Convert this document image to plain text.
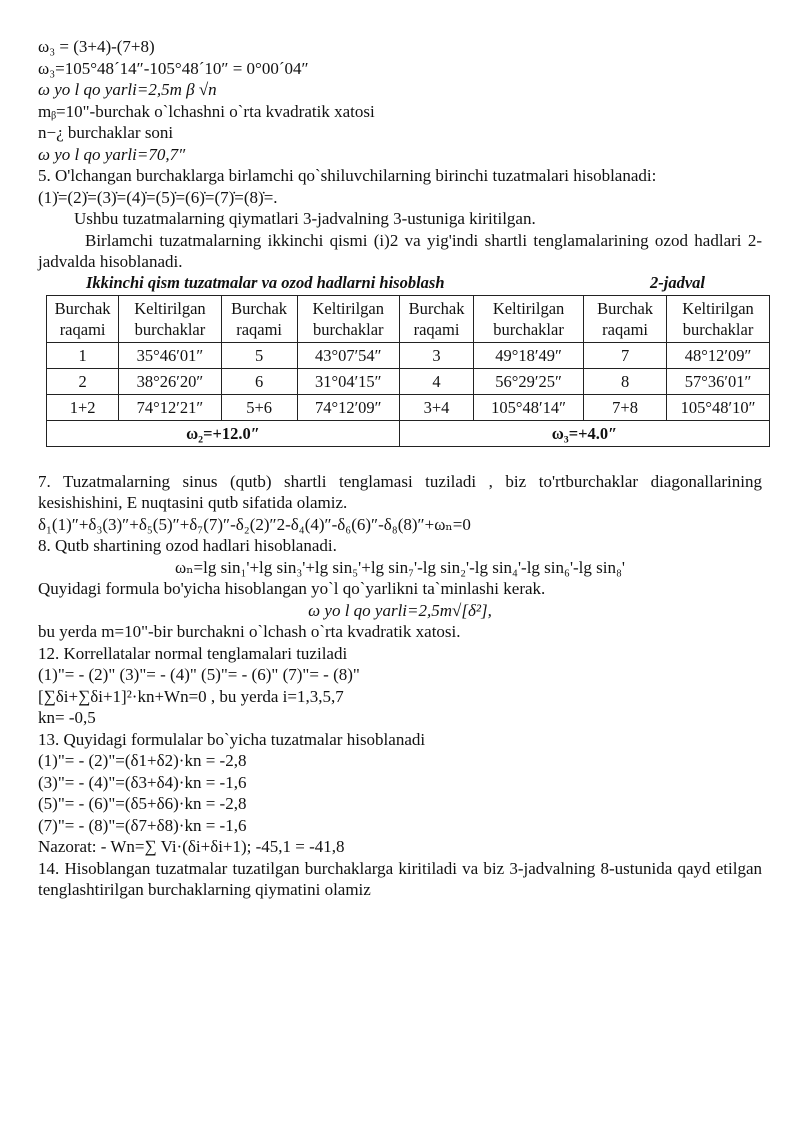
ω₃ = (3+4)-(7+8)

ω₃=105°48´14″-105°48´10″ = 0°00´04″

ω yo l qo yarli=2,5m β √n

mᵦ=10"-burchak o`lchashni o`rta kvadratik xatosi

n−¿ burchaklar soni

ω yo l qo yarli=70,7″

5. O'lchangan burchaklarga birlamchi qo`shiluvchilarning birinchi tuzatmalari hisoblanadi:

(1)̇=(2)̇=(3)̇=(4)̇=(5)̇=(6)̇=(7)̇=(8)̇=.

Ushbu tuzatmalarning qiymatlari 3-jadvalning 3-ustuniga kiritilgan.

Birlamchi tuzatmalarning ikkinchi qismi (i)2 va yig'indi shartli tenglamalarining ozod hadlari 2-jadvalda hisoblanadi.

Ikkinchi qism tuzatmalar va ozod hadlarni hisoblash	2-jadval
Burchak raqami	Keltirilgan burchaklar	Burchak raqami	Keltirilgan burchaklar	Burchak raqami	Keltirilgan burchaklar	Burchak raqami	Keltirilgan burchaklar
1	35°46′01″	5	43°07′54″	3	49°18′49″	7	48°12′09″
2	38°26′20″	6	31°04′15″	4	56°29′25″	8	57°36′01″
1+2	74°12′21″	5+6	74°12′09″	3+4	105°48′14″	7+8	105°48′10″
ω₂=+12.0″				ω₃=+4.0″			

7. Tuzatmalarning sinus (qutb) shartli tenglamasi tuziladi , biz to'rtburchaklar diagonallarining kesishishini, E nuqtasini qutb sifatida olamiz.

δ₁(1)″+δ₃(3)″+δ₅(5)″+δ₇(7)″-δ₂(2)″2-δ₄(4)″-δ₆(6)″-δ₈(8)″+ωₙ=0

8. Qutb shartining ozod hadlari hisoblanadi.

ωₙ=lg sin₁'+lg sin₃'+lg sin₅'+lg sin₇'-lg sin₂'-lg sin₄'-lg sin₆'-lg sin₈'

Quyidagi formula bo'yicha hisoblangan yo`l qo`yarlikni ta`minlashi kerak.

ω yo l qo yarli=2,5m√[δ²],

bu yerda m=10"-bir burchakni o`lchash o`rta kvadratik xatosi.

12. Korrellatalar normal tenglamalari tuziladi

(1)"= - (2)" (3)"= - (4)" (5)"= - (6)" (7)"= - (8)"

[∑δi+∑δi+1]²·kn+Wn=0 , bu yerda i=1,3,5,7

kn= -0,5

13. Quyidagi formulalar bo`yicha tuzatmalar hisoblanadi

(1)"= - (2)"=(δ1+δ2)·kn = -2,8

(3)"= - (4)"=(δ3+δ4)·kn = -1,6

(5)"= - (6)"=(δ5+δ6)·kn = -2,8

(7)"= - (8)"=(δ7+δ8)·kn = -1,6

Nazorat: - Wn=∑ Vi·(δi+δi+1); -45,1 = -41,8

14. Hisoblangan tuzatmalar tuzatilgan burchaklarga kiritiladi va biz 3-jadvalning 8-ustunida qayd etilgan tenglashtirilgan burchaklarning qiymatini olamiz
